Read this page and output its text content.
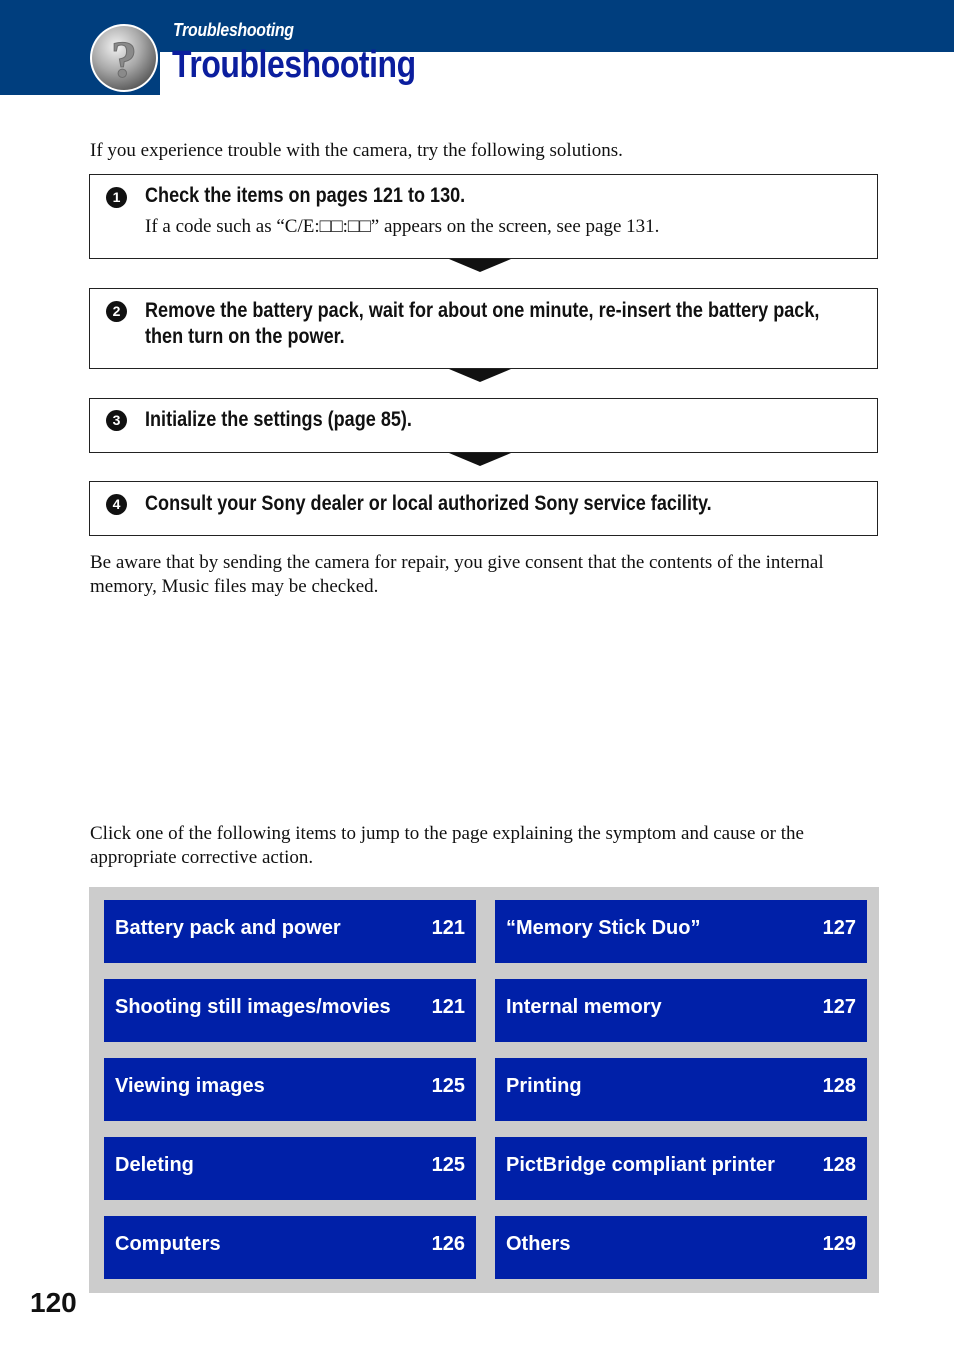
?
Troubleshooting
Troubleshooting

If you experience trouble with the camera, try the following solutions.

1	Check the items on pages 121 to 130.
If a code such as “C/E:□□:□□” appears on the screen, see page 131.
2	Remove the battery pack, wait for about one minute, re-insert the battery pack, then turn on the power.
3	Initialize the settings (page 85).
4	Consult your Sony dealer or local authorized Sony service facility.

Be aware that by sending the camera for repair, you give consent that the contents of the internal memory, Music files may be checked.

Click one of the following items to jump to the page explaining the symptom and cause or the appropriate corrective action.

Battery pack and power	121 “Memory Stick Duo”	127
Shooting still images/movies 121 Internal memory	127
Viewing images	125 Printing	128
Deleting	125 PictBridge compliant printer 128
Computers	126 Others	129
120
